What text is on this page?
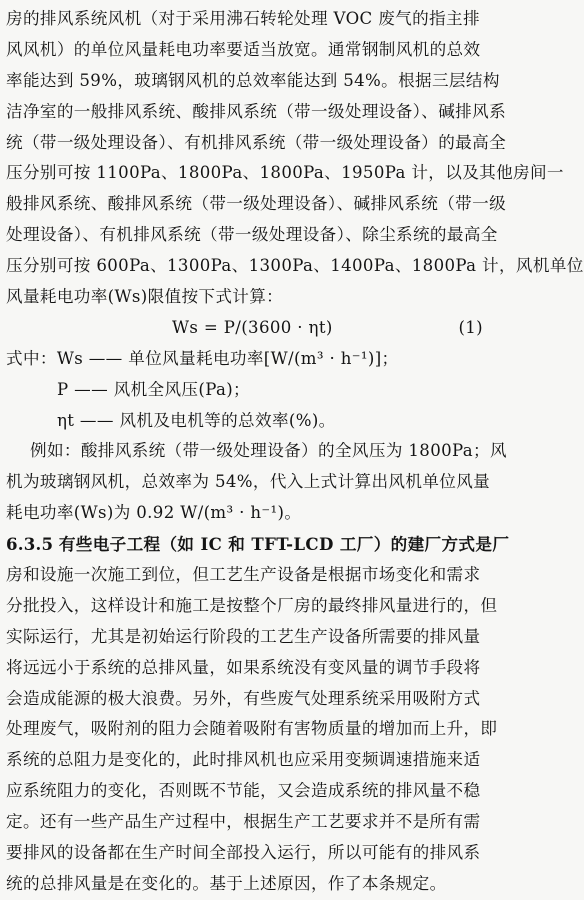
房的排风系统风机（对于采用沸石转轮处理 VOC 废气的指主排
风风机）的单位风量耗电功率要适当放宽。通常钢制风机的总效
率能达到 59%，玻璃钢风机的总效率能达到 54%。根据三层结构
洁净室的一般排风系统、酸排风系统（带一级处理设备）、碱排风系
统（带一级处理设备）、有机排风系统（带一级处理设备）的最高全
压分别可按 1100Pa、1800Pa、1800Pa、1950Pa 计，以及其他房间一
般排风系统、酸排风系统（带一级处理设备）、碱排风系统（带一级
处理设备）、有机排风系统（带一级处理设备）、除尘系统的最高全
压分别可按 600Pa、1300Pa、1300Pa、1400Pa、1800Pa 计，风机单位
风量耗电功率(Ws)限值按下式计算：
Ws = P/(3600 · ηt)	(1)
式中：Ws —— 单位风量耗电功率[W/(m³ · h⁻¹)]；
P —— 风机全风压(Pa)；
ηt —— 风机及电机等的总效率(%)。
例如：酸排风系统（带一级处理设备）的全风压为 1800Pa；风
机为玻璃钢风机，总效率为 54%，代入上式计算出风机单位风量
耗电功率(Ws)为 0.92 W/(m³ · h⁻¹)。
6.3.5 有些电子工程（如 IC 和 TFT-LCD 工厂）的建厂方式是厂
房和设施一次施工到位，但工艺生产设备是根据市场变化和需求
分批投入，这样设计和施工是按整个厂房的最终排风量进行的，但
实际运行，尤其是初始运行阶段的工艺生产设备所需要的排风量
将远远小于系统的总排风量，如果系统没有变风量的调节手段将
会造成能源的极大浪费。另外，有些废气处理系统采用吸附方式
处理废气，吸附剂的阻力会随着吸附有害物质量的增加而上升，即
系统的总阻力是变化的，此时排风机也应采用变频调速措施来适
应系统阻力的变化，否则既不节能，又会造成系统的排风量不稳
定。还有一些产品生产过程中，根据生产工艺要求并不是所有需
要排风的设备都在生产时间全部投入运行，所以可能有的排风系
统的总排风量是在变化的。基于上述原因，作了本条规定。
